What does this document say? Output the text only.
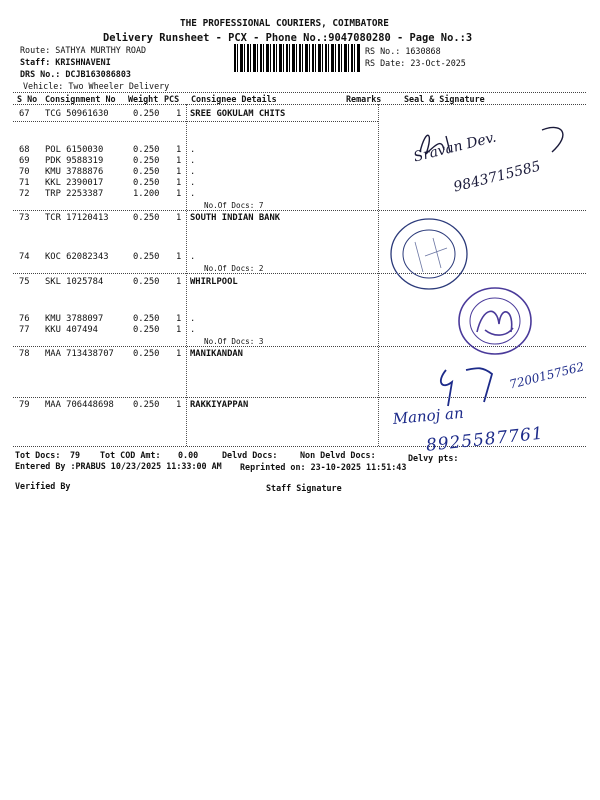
THE PROFESSIONAL COURIERS, COIMBATORE
Delivery Runsheet - PCX - Phone No.:9047080280 - Page No.:3
Route: SATHYA MURTHY ROAD
Staff: KRISHNAVENI
DRS No.: DCJB163086803
Vehicle: Two Wheeler Delivery
RS No.: 1630868
RS Date: 23-Oct-2025
S No Consignment No Weight PCS Consignee Details	Remarks	Seal & Signature
67 TCG 50961630	0.250 1 SREE GOKULAM CHITS
68 POL 6150030	0.250 1 .
69 PDK 9588319	0.250 1 .
70 KMU 3788876	0.250 1 .
71 KKL 2390017	0.250 1 .
72 TRP 2253387	1.200 1 .
No.Of Docs: 7
73 TCR 17120413	0.250 1 SOUTH INDIAN BANK
74 KOC 62082343	0.250 1 .
No.Of Docs: 2
75 SKL 1025784	0.250 1 WHIRLPOOL
76 KMU 3788097	0.250 1 .
77 KKU 407494	0.250 1 .
No.Of Docs: 3
78 MAA 713438707 0.250 1 MANIKANDAN
79 MAA 706448698 0.250 1 RAKKIYAPPAN
Tot Docs: 79 Tot COD Amt: 0.00	Delvd Docs:	Non Delvd Docs:	Delvy pts:
Entered By :PRABUS 10/23/2025 11:33:00 AM Reprinted on: 23-10-2025 11:51:43
Verified By	Staff Signature
Sravan Dev.
9843715585
7200157562
Manoj an
8925587761
